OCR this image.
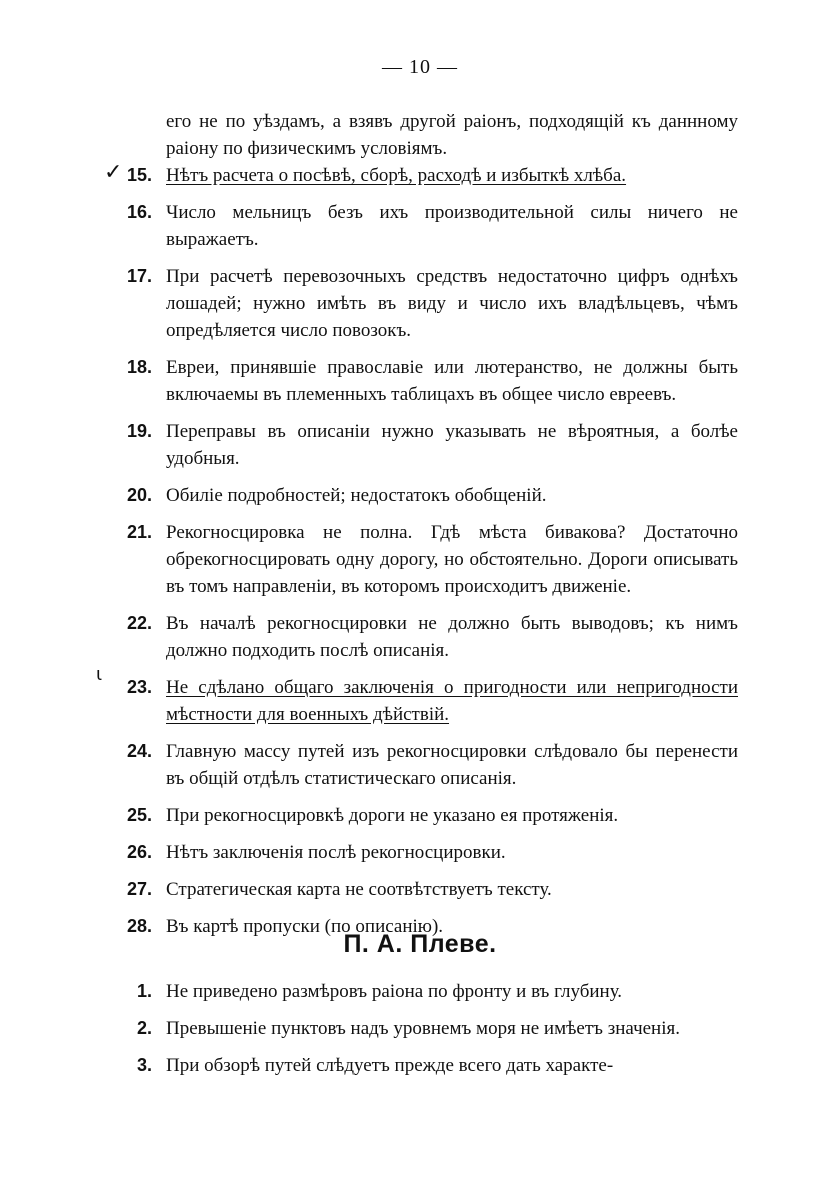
— 10 —
его не по уѣздамъ, а взявъ другой раіонъ, подходящій къ даннному раіону по физическимъ условіямъ.
✓
ɩ
15. Нѣтъ расчета о посѣвѣ, сборѣ, расходѣ и избыткѣ хлѣба.
16. Число мельницъ безъ ихъ производительной силы ничего не выражаетъ.
17. При расчетѣ перевозочныхъ средствъ недостаточно цифръ однѣхъ лошадей; нужно имѣть въ виду и число ихъ владѣльцевъ, чѣмъ опредѣляется число повозокъ.
18. Евреи, принявшіе православіе или лютеранство, не должны быть включаемы въ племенныхъ таблицахъ въ общее число евреевъ.
19. Переправы въ описаніи нужно указывать не вѣроятныя, а болѣе удобныя.
20. Обиліе подробностей; недостатокъ обобщеній.
21. Рекогносцировка не полна. Гдѣ мѣста бивакова? Достаточно обрекогносцировать одну дорогу, но обстоятельно. Дороги описывать въ томъ направленіи, въ которомъ происходитъ движеніе.
22. Въ началѣ рекогносцировки не должно быть выводовъ; къ нимъ должно подходить послѣ описанія.
23. Не сдѣлано общаго заключенія о пригодности или непригодности мѣстности для военныхъ дѣйствій.
24. Главную массу путей изъ рекогносцировки слѣдовало бы перенести въ общій отдѣлъ статистическаго описанія.
25. При рекогносцировкѣ дороги не указано ея протяженія.
26. Нѣтъ заключенія послѣ рекогносцировки.
27. Стратегическая карта не соотвѣтствуетъ тексту.
28. Въ картѣ пропуски (по описанію).
П. А. Плеве.
1. Не приведено размѣровъ раіона по фронту и въ глубину.
2. Превышеніе пунктовъ надъ уровнемъ моря не имѣетъ значенія.
3. При обзорѣ путей слѣдуетъ прежде всего дать характе-
